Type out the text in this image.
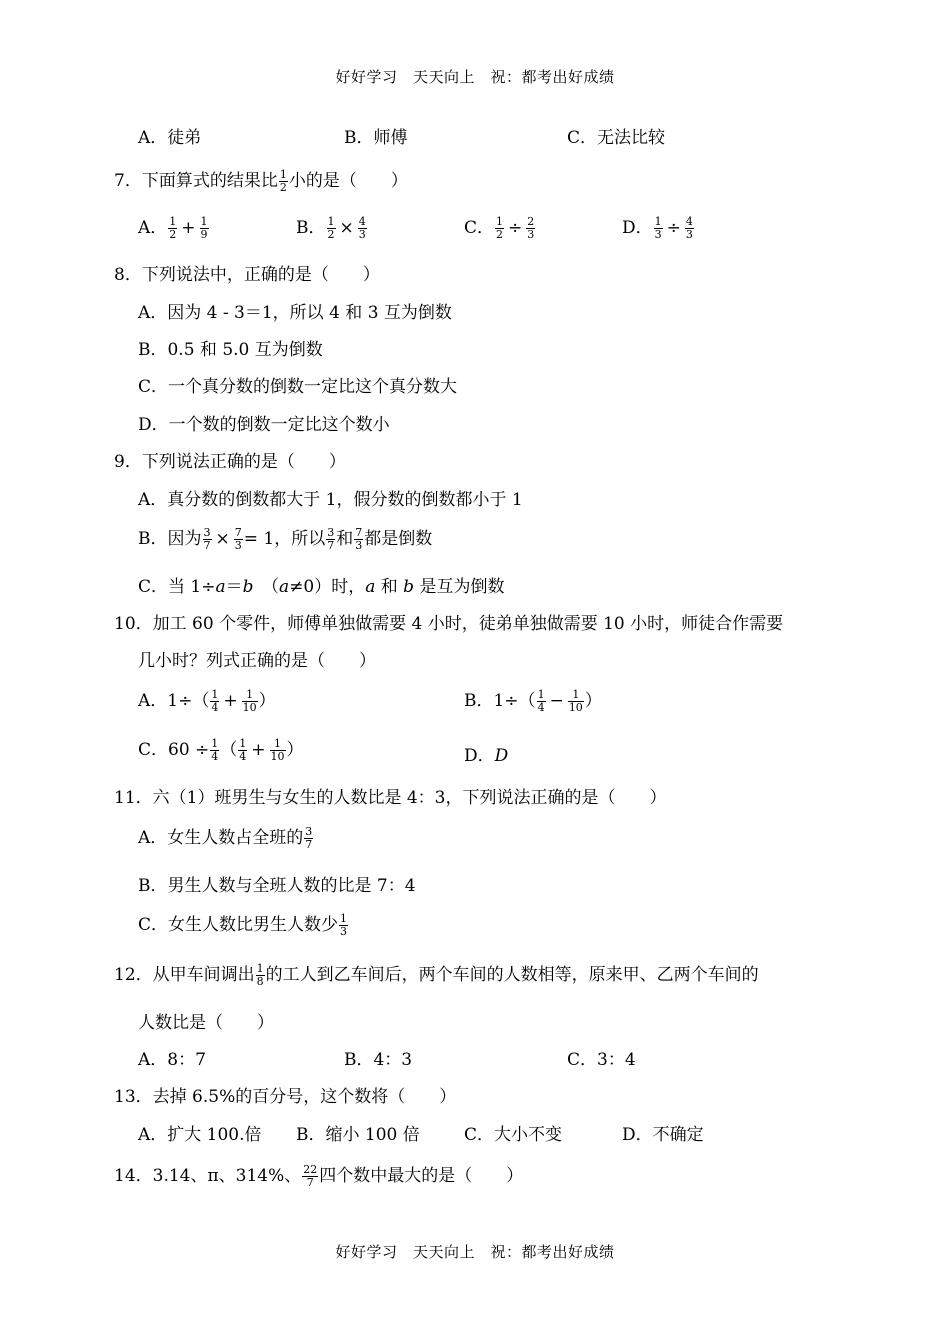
好好学习　天天向上　祝：都考出好成绩
A．徒弟	B．师傅	C．无法比较
7．下面算式的结果比 $\frac{1}{2}$ 小的是（　　）
A． $\frac{1}{2} + \frac{1}{9}$	B． $\frac{1}{2} \times \frac{4}{3}$	C． $\frac{1}{2} \div \frac{2}{3}$	D． $\frac{1}{3} \div \frac{4}{3}$
8．下列说法中，正确的是（　　）
A．因为 4 - 3＝1，所以 4 和 3 互为倒数
B．0.5 和 5.0 互为倒数
C．一个真分数的倒数一定比这个真分数大
D．一个数的倒数一定比这个数小
9．下列说法正确的是（　　）
A．真分数的倒数都大于 1，假分数的倒数都小于 1
B．因为 $\frac{3}{7} \times \frac{7}{3} = 1$，所以 $\frac{3}{7}$ 和 $\frac{7}{3}$ 都是倒数
C．当 1÷a＝b　 （a≠0）时，a 和 b 是互为倒数
10．加工 60 个零件，师傅单独做需要 4 小时，徒弟单独做需要 10 小时，师徒合作需要
几小时？列式正确的是（　　）
A．$1\div( \frac{1}{4} + \frac{1}{10}$ ）	B．$1\div( \frac{1}{4} - \frac{1}{10}$ ）
C．$60 \div \frac{1}{4}$ （ $\frac{1}{4} + \frac{1}{10}$ ）	D．D
11．六（1）班男生与女生的人数比是 4：3，下列说法正确的是（　　）
A．女生人数占全班的 $\frac{3}{7}$
B．男生人数与全班人数的比是 7：4
C．女生人数比男生人数少 $\frac{1}{3}$
12．从甲车间调出 $\frac{1}{8}$ 的工人到乙车间后，两个车间的人数相等，原来甲、乙两个车间的
人数比是（　　）
A．8：7	B．4：3	C．3：4
13．去掉 6.5%的百分号，这个数将（　　）
A．扩大 100.倍 B．缩小 100 倍	C．大小不变	D．不确定
14．3.14、π、314%、 $\frac{22}{7}$ 四个数中最大的是（　　）
好好学习　天天向上　祝：都考出好成绩
